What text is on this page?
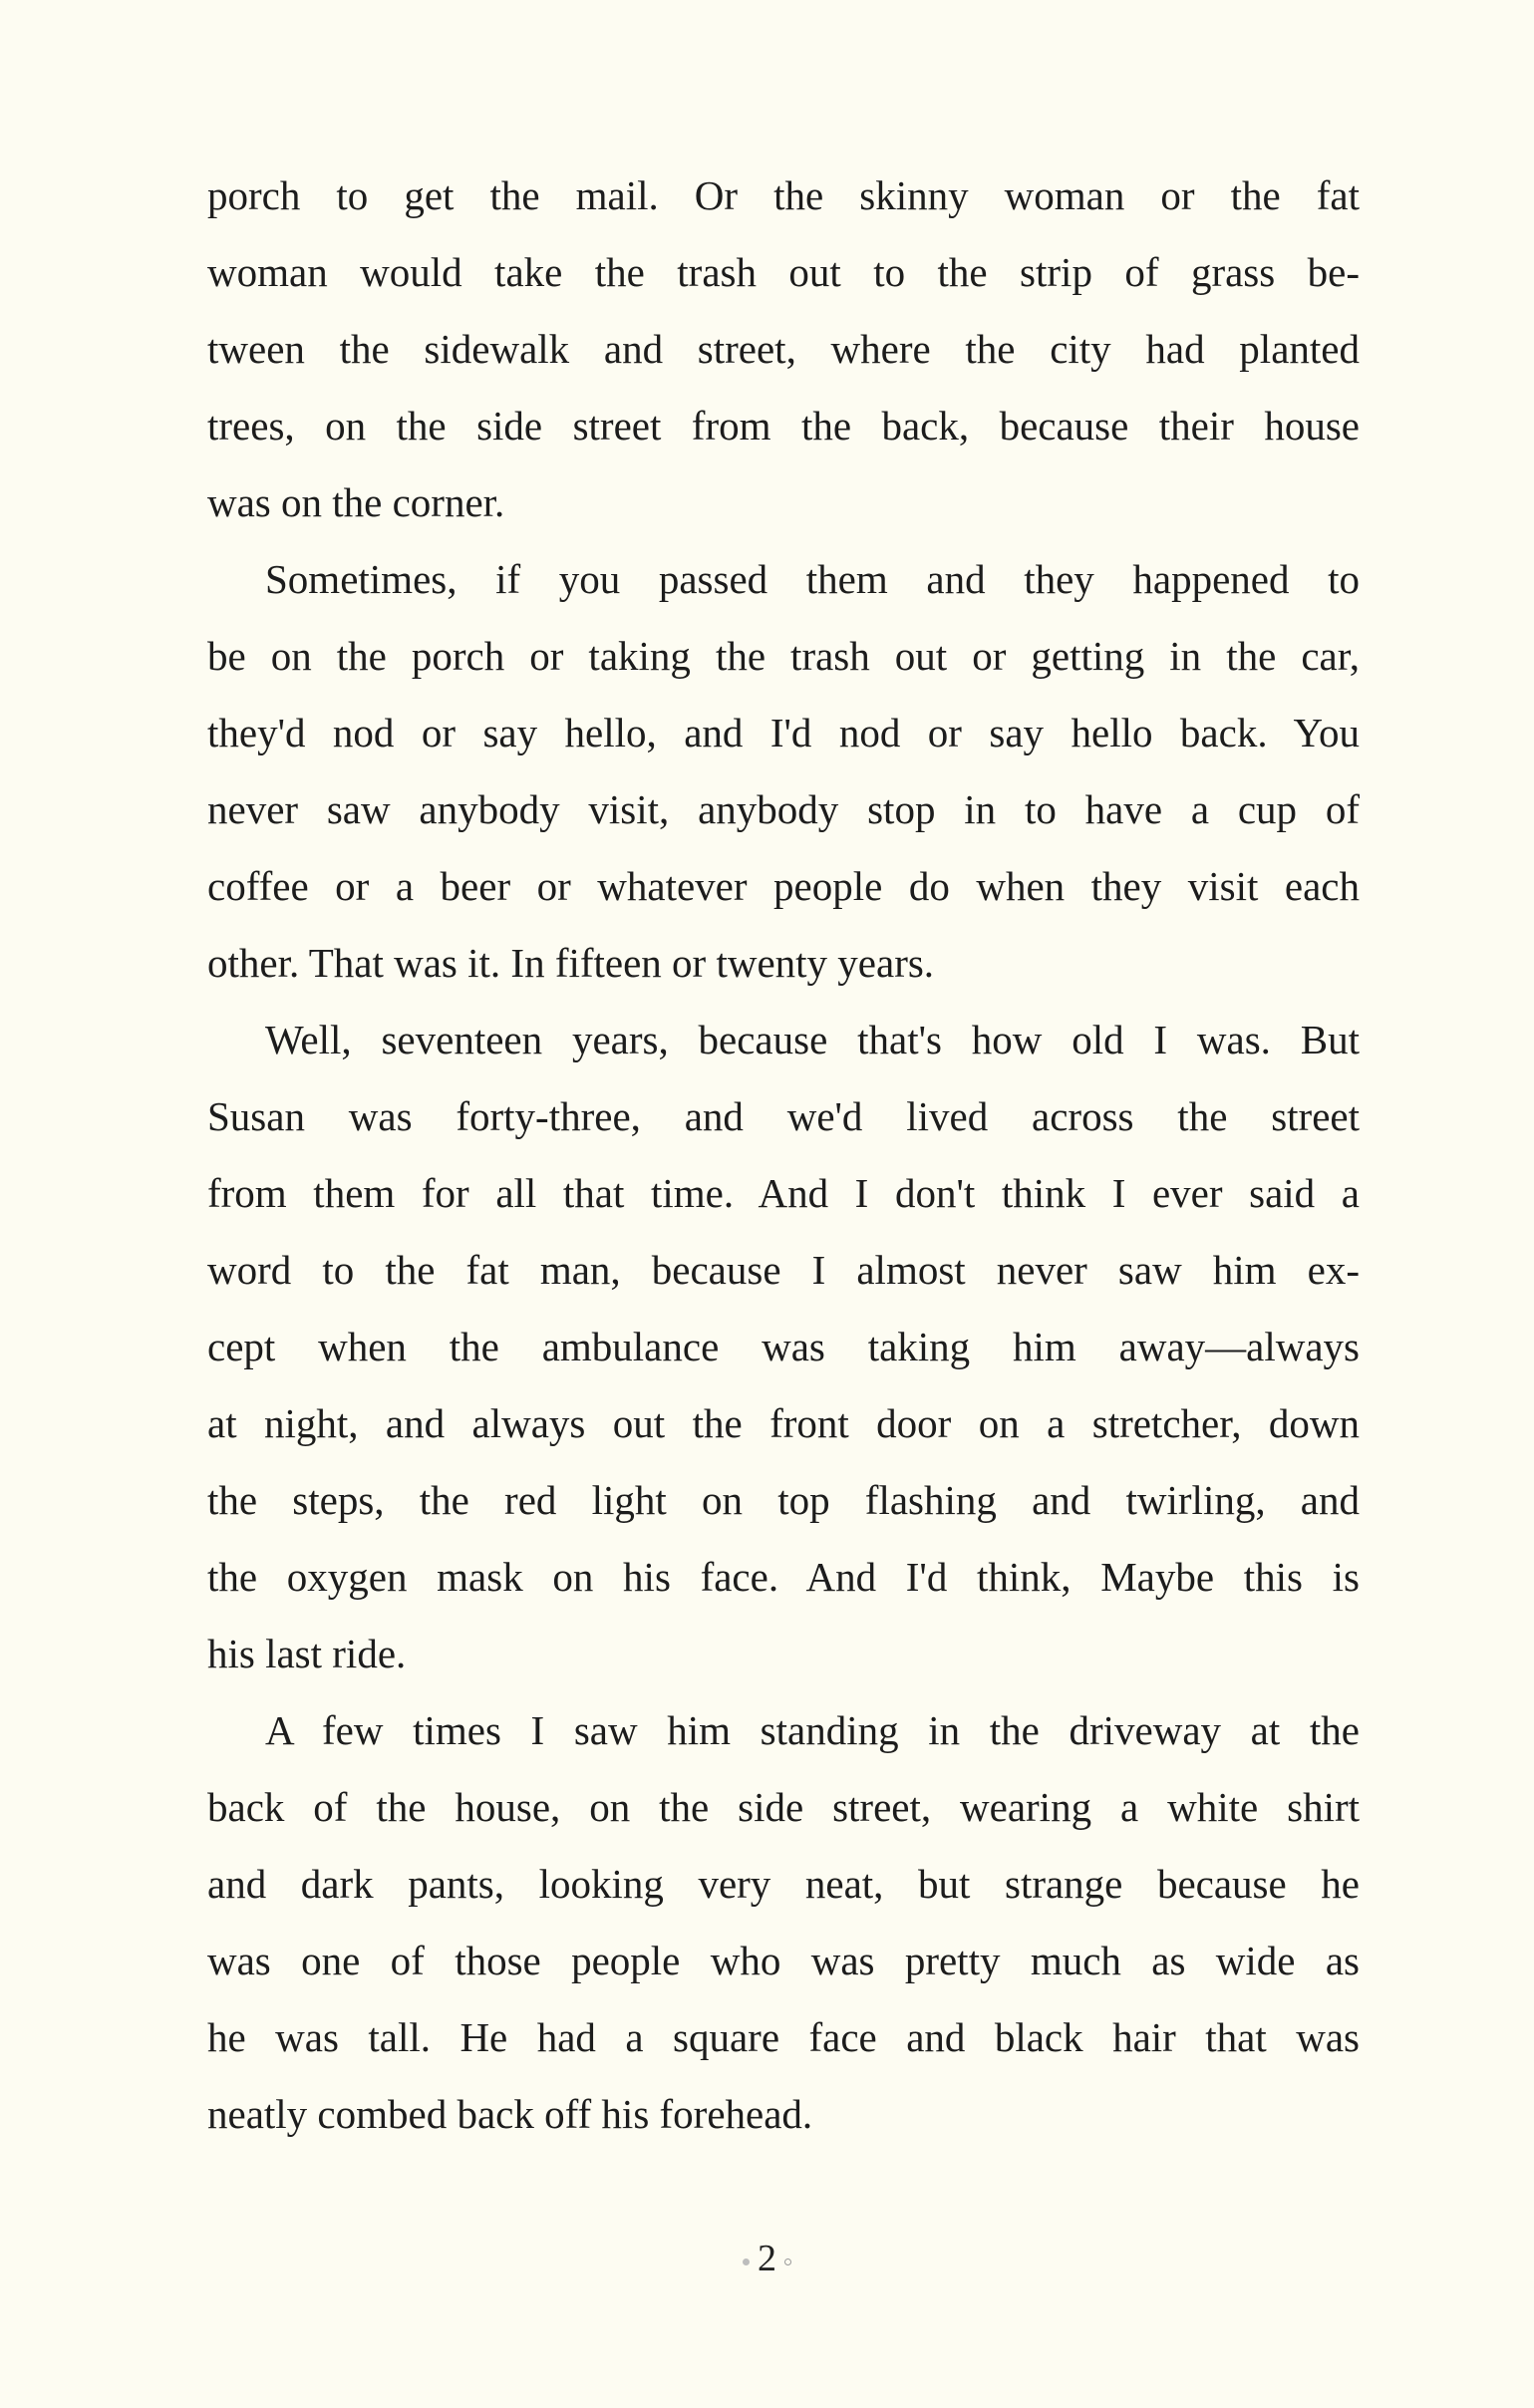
porch to get the mail. Or the skinny woman or the fat
woman would take the trash out to the strip of grass be-
tween the sidewalk and street, where the city had planted
trees, on the side street from the back, because their house
was on the corner.
Sometimes, if you passed them and they happened to
be on the porch or taking the trash out or getting in the car,
they'd nod or say hello, and I'd nod or say hello back. You
never saw anybody visit, anybody stop in to have a cup of
coffee or a beer or whatever people do when they visit each
other. That was it. In fifteen or twenty years.
Well, seventeen years, because that's how old I was. But
Susan was forty-three, and we'd lived across the street
from them for all that time. And I don't think I ever said a
word to the fat man, because I almost never saw him ex-
cept when the ambulance was taking him away—always
at night, and always out the front door on a stretcher, down
the steps, the red light on top flashing and twirling, and
the oxygen mask on his face. And I'd think, Maybe this is
his last ride.
A few times I saw him standing in the driveway at the
back of the house, on the side street, wearing a white shirt
and dark pants, looking very neat, but strange because he
was one of those people who was pretty much as wide as
he was tall. He had a square face and black hair that was
neatly combed back off his forehead.
2
